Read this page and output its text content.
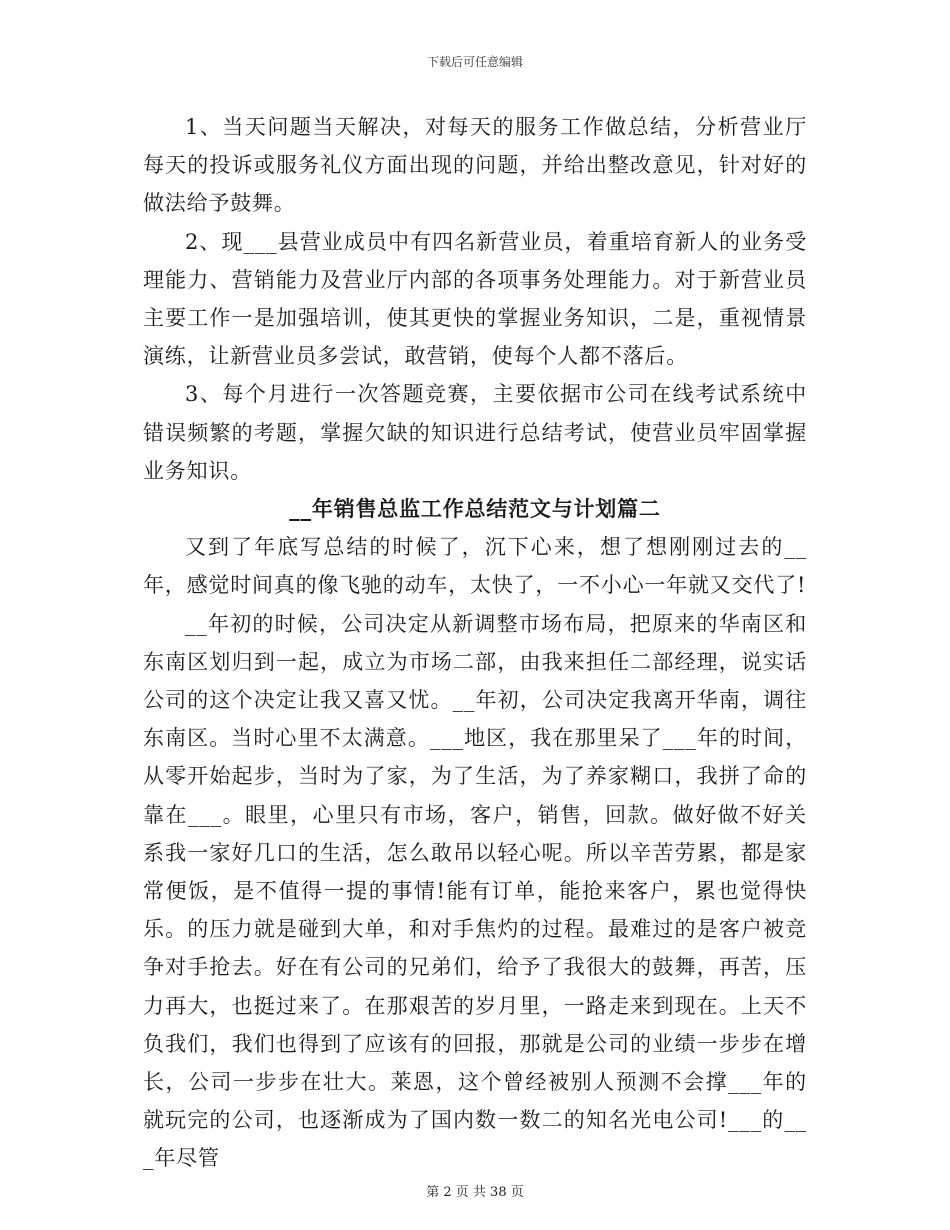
下载后可任意编辑

1、当天问题当天解决，对每天的服务工作做总结，分析营业厅每天的投诉或服务礼仪方面出现的问题，并给出整改意见，针对好的做法给予鼓舞。

2、现___县营业成员中有四名新营业员，着重培育新人的业务受理能力、营销能力及营业厅内部的各项事务处理能力。对于新营业员主要工作一是加强培训，使其更快的掌握业务知识，二是，重视情景演练，让新营业员多尝试，敢营销，使每个人都不落后。

3、每个月进行一次答题竞赛，主要依据市公司在线考试系统中错误频繁的考题，掌握欠缺的知识进行总结考试，使营业员牢固掌握业务知识。

__年销售总监工作总结范文与计划篇二

又到了年底写总结的时候了，沉下心来，想了想刚刚过去的__年，感觉时间真的像飞驰的动车，太快了，一不小心一年就又交代了!

__年初的时候，公司决定从新调整市场布局，把原来的华南区和东南区划归到一起，成立为市场二部，由我来担任二部经理，说实话公司的这个决定让我又喜又忧。__年初，公司决定我离开华南，调往东南区。当时心里不太满意。___地区，我在那里呆了___年的时间，从零开始起步，当时为了家，为了生活，为了养家糊口，我拼了命的靠在___。眼里，心里只有市场，客户，销售，回款。做好做不好关系我一家好几口的生活，怎么敢吊以轻心呢。所以辛苦劳累，都是家常便饭，是不值得一提的事情!能有订单，能抢来客户，累也觉得快乐。的压力就是碰到大单，和对手焦灼的过程。最难过的是客户被竞争对手抢去。好在有公司的兄弟们，给予了我很大的鼓舞，再苦，压力再大，也挺过来了。在那艰苦的岁月里，一路走来到现在。上天不负我们，我们也得到了应该有的回报，那就是公司的业绩一步步在增长，公司一步步在壮大。莱恩，这个曾经被别人预测不会撑___年的就玩完的公司，也逐渐成为了国内数一数二的知名光电公司!___的___年尽管

第 2 页 共 38 页
